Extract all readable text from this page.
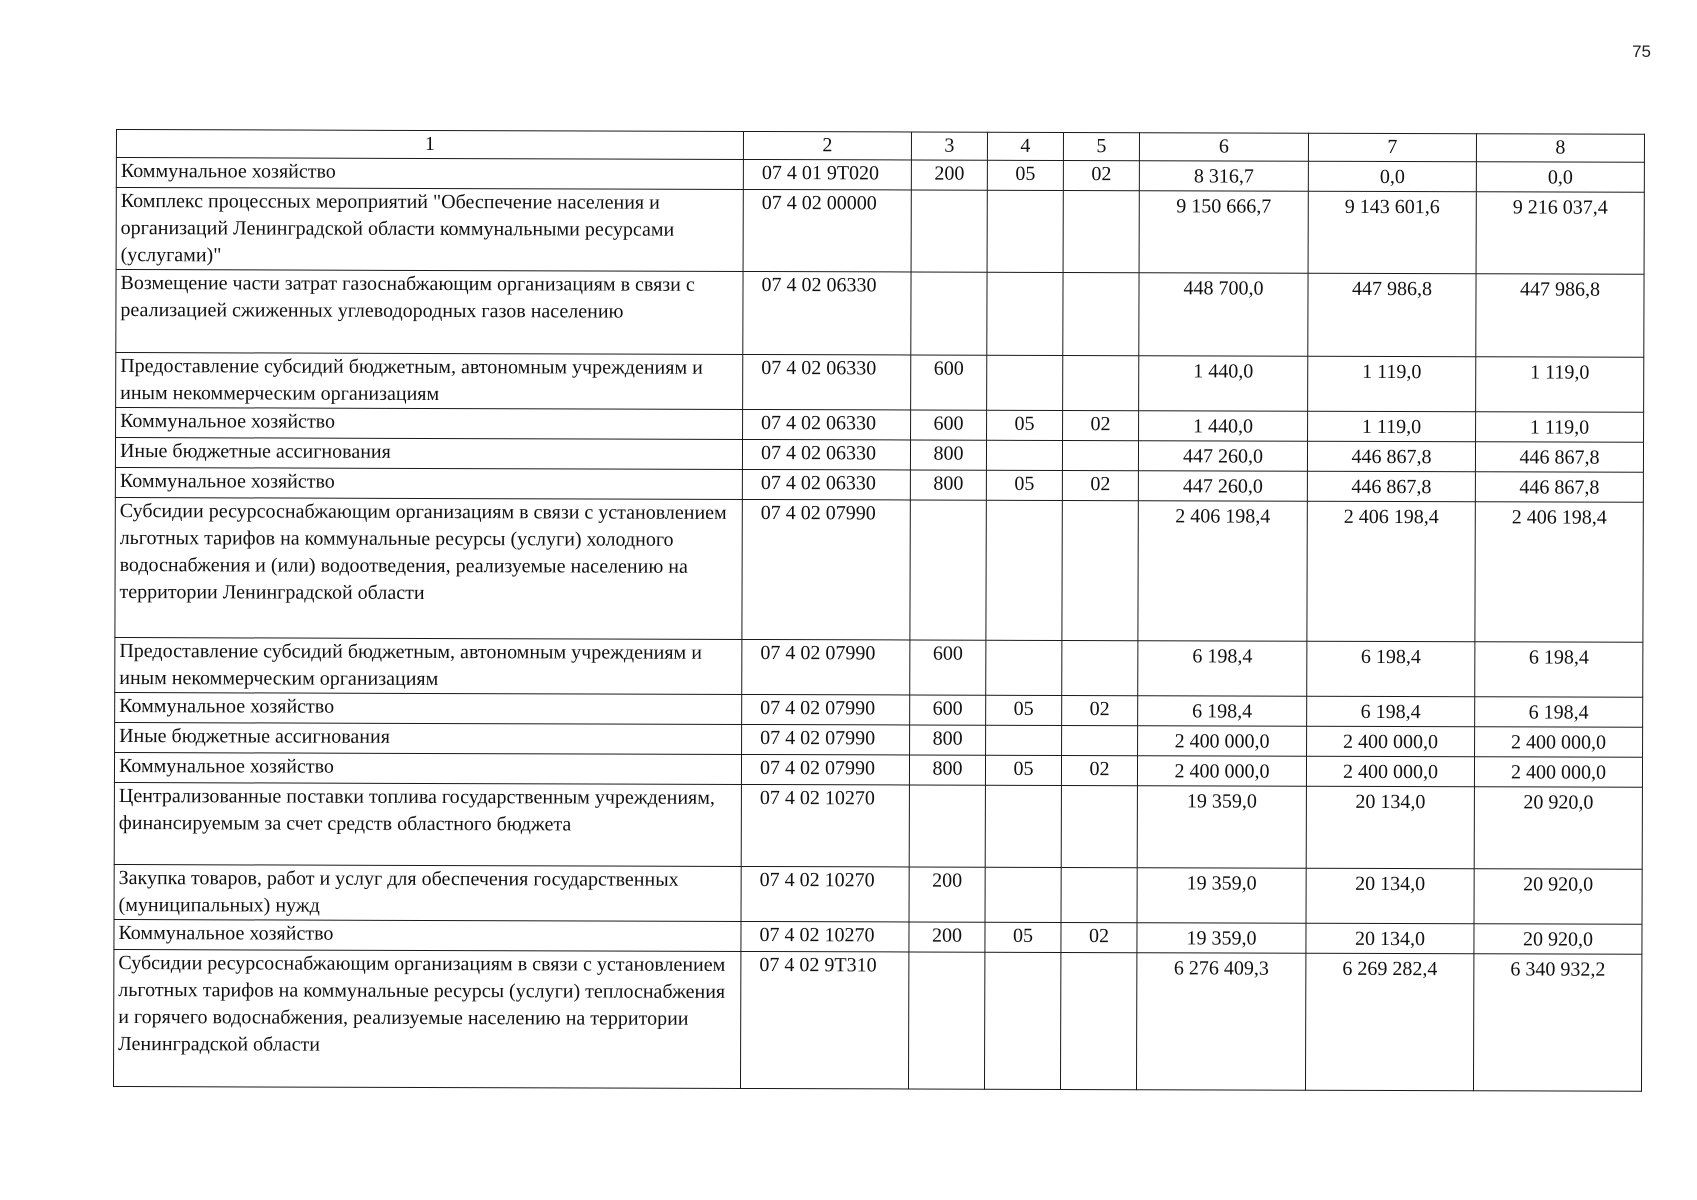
75
1	2	3	4	5	6	7	8
Коммунальное хозяйство	07 4 01 9T020	200	05	02	8 316,7	0,0	0,0
Комплекс процессных мероприятий "Обеспечение населения и организаций Ленинградской области коммунальными ресурсами (услугами)"	07 4 02 00000				9 150 666,7	9 143 601,6	9 216 037,4
Возмещение части затрат газоснабжающим организациям в связи с реализацией сжиженных углеводородных газов населению	07 4 02 06330				448 700,0	447 986,8	447 986,8
Предоставление субсидий бюджетным, автономным учреждениям и иным некоммерческим организациям	07 4 02 06330	600			1 440,0	1 119,0	1 119,0
Коммунальное хозяйство	07 4 02 06330	600	05	02	1 440,0	1 119,0	1 119,0
Иные бюджетные ассигнования	07 4 02 06330	800			447 260,0	446 867,8	446 867,8
Коммунальное хозяйство	07 4 02 06330	800	05	02	447 260,0	446 867,8	446 867,8
Субсидии ресурсоснабжающим организациям в связи с установлением льготных тарифов на коммунальные ресурсы (услуги) холодного водоснабжения и (или) водоотведения, реализуемые населению на территории Ленинградской области	07 4 02 07990				2 406 198,4	2 406 198,4	2 406 198,4
Предоставление субсидий бюджетным, автономным учреждениям и иным некоммерческим организациям	07 4 02 07990	600			6 198,4	6 198,4	6 198,4
Коммунальное хозяйство	07 4 02 07990	600	05	02	6 198,4	6 198,4	6 198,4
Иные бюджетные ассигнования	07 4 02 07990	800			2 400 000,0	2 400 000,0	2 400 000,0
Коммунальное хозяйство	07 4 02 07990	800	05	02	2 400 000,0	2 400 000,0	2 400 000,0
Централизованные поставки топлива государственным учреждениям, финансируемым за счет средств областного бюджета	07 4 02 10270				19 359,0	20 134,0	20 920,0
Закупка товаров, работ и услуг для обеспечения государственных (муниципальных) нужд	07 4 02 10270	200			19 359,0	20 134,0	20 920,0
Коммунальное хозяйство	07 4 02 10270	200	05	02	19 359,0	20 134,0	20 920,0
Субсидии ресурсоснабжающим организациям в связи с установлением льготных тарифов на коммунальные ресурсы (услуги) теплоснабжения и горячего водоснабжения, реализуемые населению на территории Ленинградской области	07 4 02 9T310				6 276 409,3	6 269 282,4	6 340 932,2
